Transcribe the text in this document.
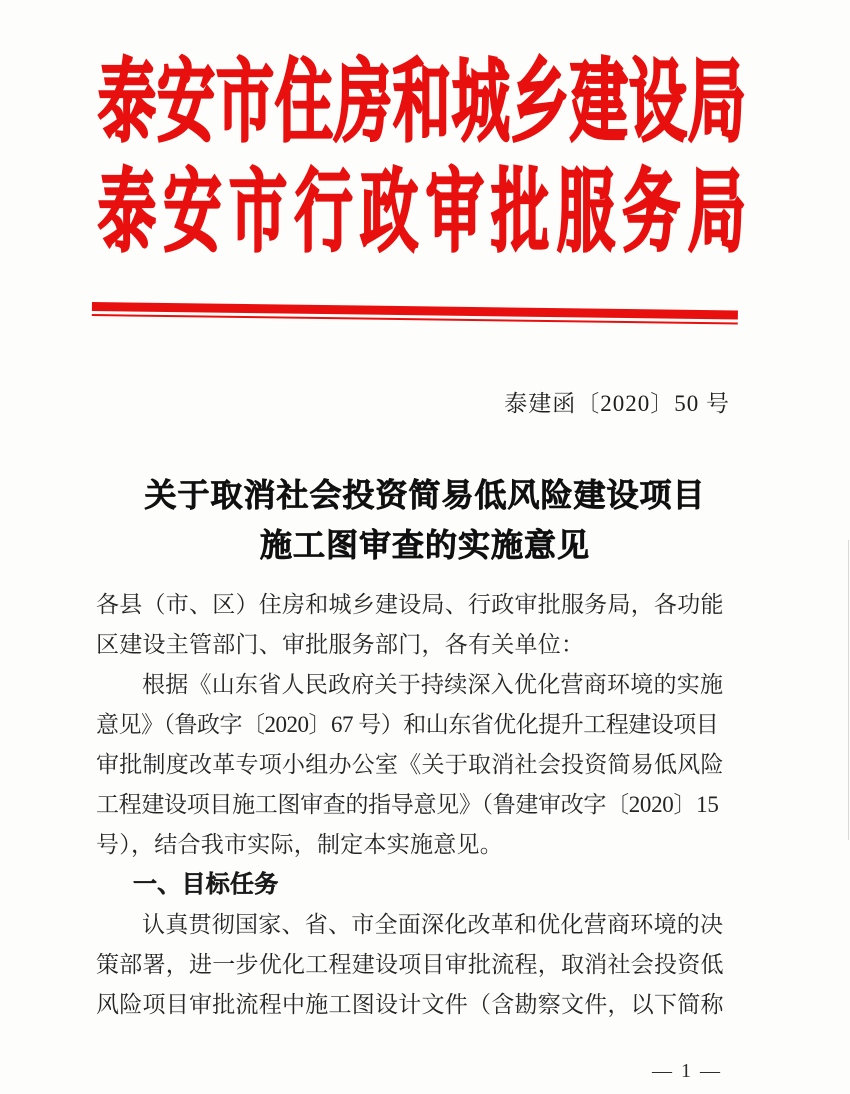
泰 安 市 住 房 和 城 乡 建 设 局
泰 安 市 行 政 审 批 服 务 局
泰建函〔2020〕50 号
关于取消社会投资简易低风险建设项目
施工图审查的实施意见
各县（市、区）住房和城乡建设局、行政审批服务局，各功能
区建设主管部门、审批服务部门，各有关单位：
根据《山东省人民政府关于持续深入优化营商环境的实施
意见》（鲁政字〔2020〕67 号）和山东省优化提升工程建设项目
审批制度改革专项小组办公室《关于取消社会投资简易低风险
工程建设项目施工图审查的指导意见》（鲁建审改字〔2020〕15
号），结合我市实际，制定本实施意见。
一、目标任务
认真贯彻国家、省、市全面深化改革和优化营商环境的决
策部署，进一步优化工程建设项目审批流程，取消社会投资低
风险项目审批流程中施工图设计文件（含勘察文件，以下简称
— 1 —
